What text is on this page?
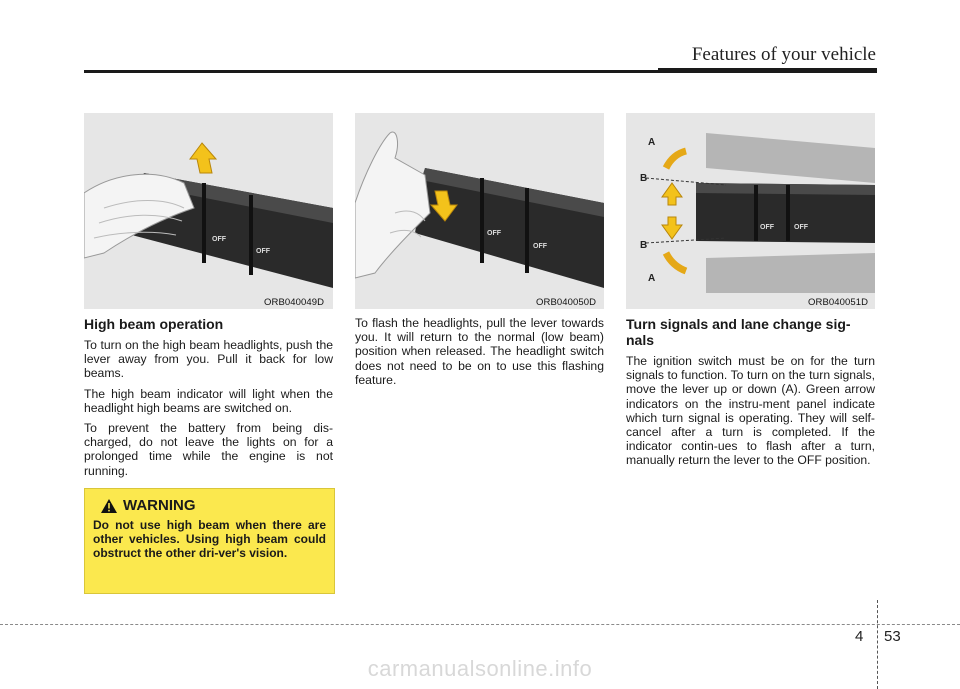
Features of your vehicle
OFF
OFF
ORB040049D
OFF
OFF
ORB040050D
OFF	OFF
A
B
B
A
ORB040051D
High beam operation

To turn on the high beam headlights, push the lever away from you. Pull it back for low beams.

The high beam indicator will light when the headlight high beams are switched on.

To prevent the battery from being dis-charged, do not leave the lights on for a prolonged time while the engine is not running.

To flash the headlights, pull the lever towards you. It will return to the normal (low beam) position when released. The headlight switch does not need to be on to use this flashing feature.

Turn signals and lane change sig-nals

The ignition switch must be on for the turn signals to function. To turn on the turn signals, move the lever up or down (A). Green arrow indicators on the instru-ment panel indicate which turn signal is operating. They will self-cancel after a turn is completed. If the indicator contin-ues to flash after a turn, manually return the lever to the OFF position.

WARNING
Do not use high beam when there are other vehicles. Using high beam could obstruct the other dri-ver's vision.
4 53
carmanualsonline.info
